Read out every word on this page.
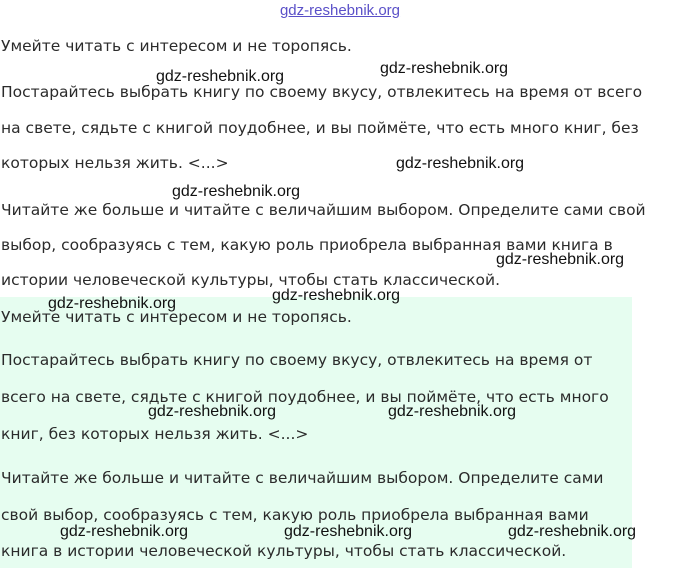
gdz-reshebnik.org

Умейте читать с интересом и не торопясь.

Постарайтесь выбрать книгу по своему вкусу, отвлекитесь на время от всего

на свете, сядьте с книгой поудобнее, и вы поймёте, что есть много книг, без

которых нельзя жить. <...>

Читайте же больше и читайте с величайшим выбором. Определите сами свой

выбор, сообразуясь с тем, какую роль приобрела выбранная вами книга в

истории человеческой культуры, чтобы стать классической.

Умейте читать с интересом и не торопясь.

Постарайтесь выбрать книгу по своему вкусу, отвлекитесь на время от

всего на свете, сядьте с книгой поудобнее, и вы поймёте, что есть много

книг, без которых нельзя жить. <...>

Читайте же больше и читайте с величайшим выбором. Определите сами

свой выбор, сообразуясь с тем, какую роль приобрела выбранная вами

книга в истории человеческой культуры, чтобы стать классической.

gdz-reshebnik.org	gdz-reshebnik.org
gdz-reshebnik.org
gdz-reshebnik.org
gdz-reshebnik.org
gdz-reshebnik.org
gdz-reshebnik.org
gdz-reshebnik.org	gdz-reshebnik.org
gdz-reshebnik.org	gdz-reshebnik.org	gdz-reshebnik.org
